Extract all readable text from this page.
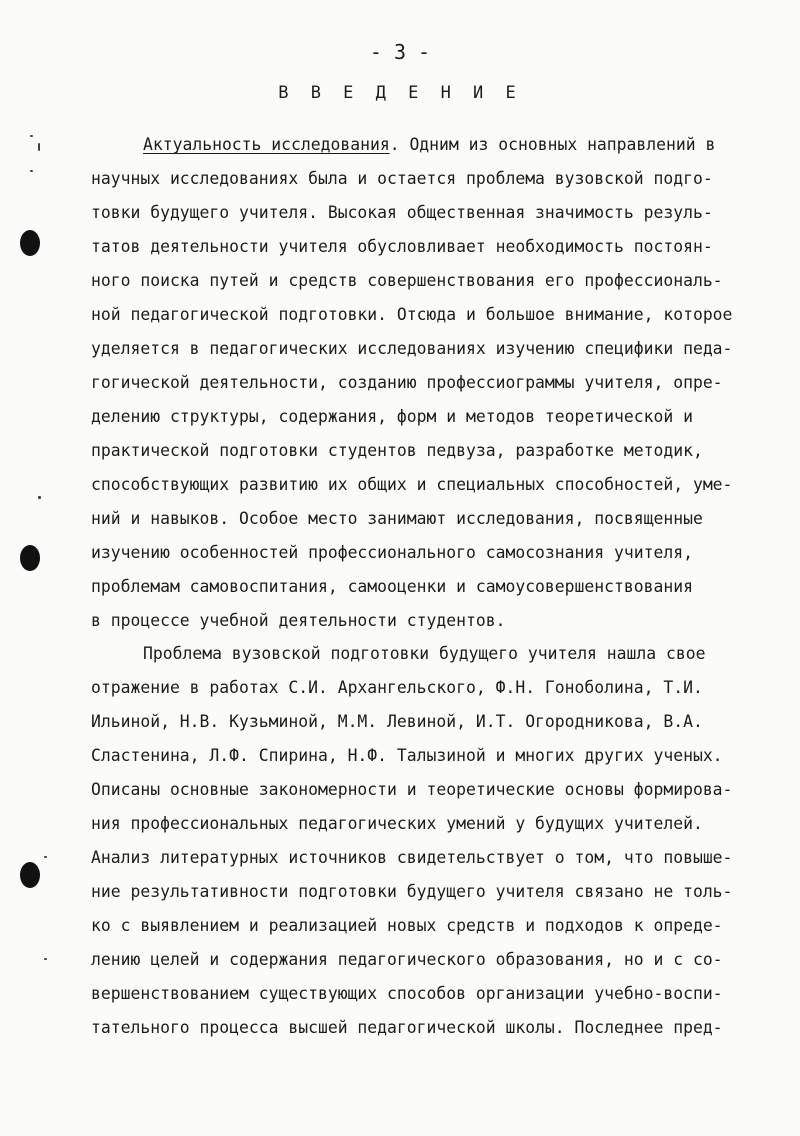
- 3 -
В В Е Д Е Н И Е
Актуальность исследования. Одним из основных направлений в
научных исследованиях была и остается проблема вузовской подго-
товки будущего учителя. Высокая общественная значимость резуль-
татов деятельности учителя обусловливает необходимость постоян-
ного поиска путей и средств совершенствования его профессиональ-
ной педагогической подготовки. Отсюда и большое внимание, которое
уделяется в педагогических исследованиях изучению специфики педа-
гогической деятельности, созданию профессиограммы учителя, опре-
делению структуры, содержания, форм и методов теоретической и
практической подготовки студентов педвуза, разработке методик,
способствующих развитию их общих и специальных способностей, уме-
ний и навыков. Особое место занимают исследования, посвященные
изучению особенностей профессионального самосознания учителя,
проблемам самовоспитания, самооценки и самоусовершенствования
в процессе учебной деятельности студентов.
Проблема вузовской подготовки будущего учителя нашла свое
отражение в работах С.И. Архангельского, Ф.Н. Гоноболина, Т.И.
Ильиной, Н.В. Кузьминой, М.М. Левиной, И.Т. Огородникова, В.А.
Сластенина, Л.Ф. Спирина, Н.Ф. Талызиной и многих других ученых.
Описаны основные закономерности и теоретические основы формирова-
ния профессиональных педагогических умений у будущих учителей.
Анализ литературных источников свидетельствует о том, что повыше-
ние результативности подготовки будущего учителя связано не толь-
ко с выявлением и реализацией новых средств и подходов к опреде-
лению целей и содержания педагогического образования, но и с со-
вершенствованием существующих способов организации учебно-воспи-
тательного процесса высшей педагогической школы. Последнее пред-
